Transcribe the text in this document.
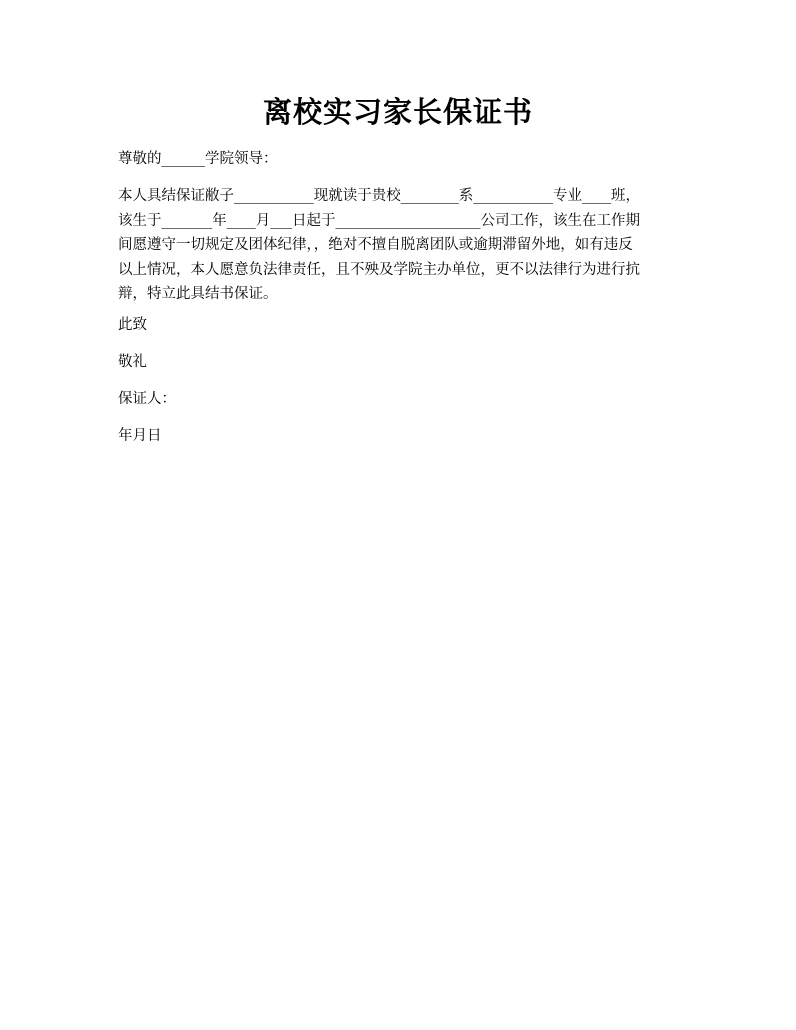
离校实习家长保证书

尊敬的______学院领导：

本人具结保证敝子___________现就读于贵校________系___________专业____班，
该生于_______年____月___日起于____________________公司工作，该生在工作期
间愿遵守一切规定及团体纪律，，绝对不擅自脱离团队或逾期滞留外地，如有违反
以上情况，本人愿意负法律责任，且不殃及学院主办单位，更不以法律行为进行抗
辩，特立此具结书保证。

此致

敬礼

保证人：

年月日
